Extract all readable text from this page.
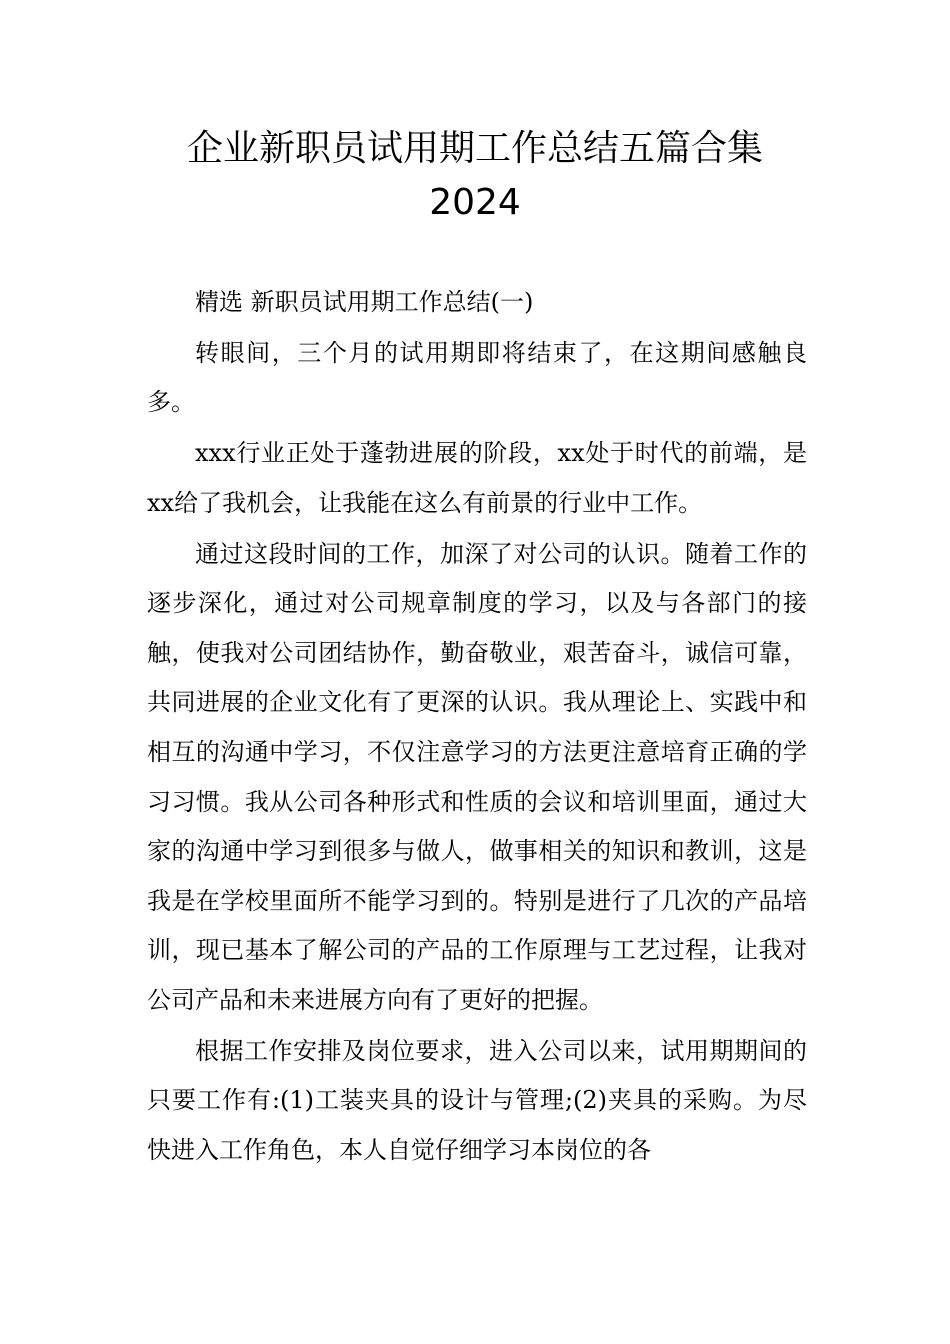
企业新职员试用期工作总结五篇合集
2024

精选 新职员试用期工作总结(一)

转眼间，三个月的试用期即将结束了，在这期间感触良多。

xxx行业正处于蓬勃进展的阶段，xx处于时代的前端，是xx给了我机会，让我能在这么有前景的行业中工作。

通过这段时间的工作，加深了对公司的认识。随着工作的逐步深化，通过对公司规章制度的学习，以及与各部门的接触，使我对公司团结协作，勤奋敬业，艰苦奋斗，诚信可靠，共同进展的企业文化有了更深的认识。我从理论上、实践中和相互的沟通中学习，不仅注意学习的方法更注意培育正确的学习习惯。我从公司各种形式和性质的会议和培训里面，通过大家的沟通中学习到很多与做人，做事相关的知识和教训，这是我是在学校里面所不能学习到的。特别是进行了几次的产品培训，现已基本了解公司的产品的工作原理与工艺过程，让我对公司产品和未来进展方向有了更好的把握。

根据工作安排及岗位要求，进入公司以来，试用期期间的只要工作有:(1)工装夹具的设计与管理;(2)夹具的采购。为尽快进入工作角色，本人自觉仔细学习本岗位的各
